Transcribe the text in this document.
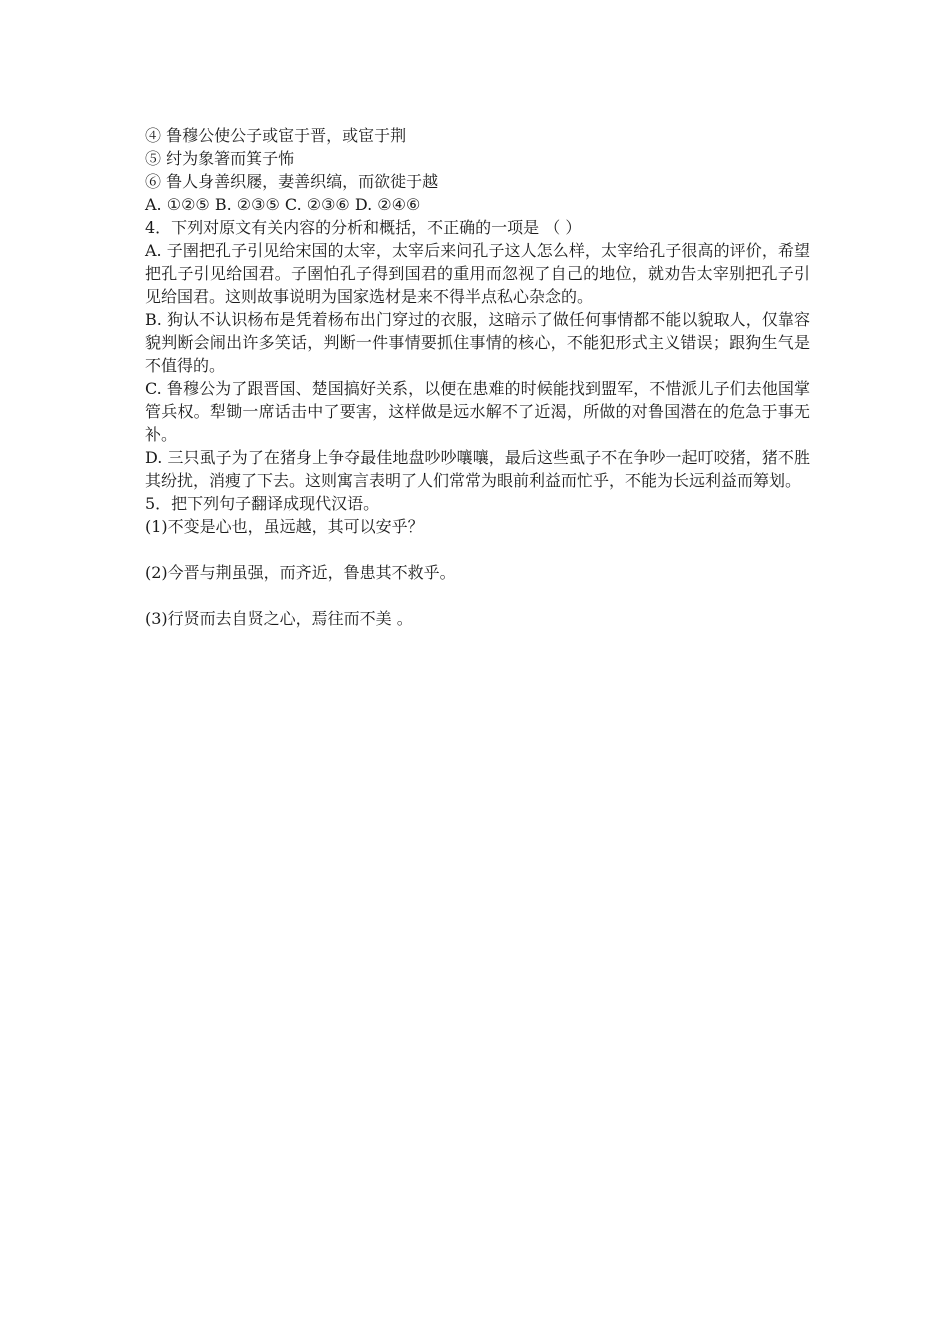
④ 鲁穆公使公子或宦于晋，或宦于荆

⑤ 纣为象箸而箕子怖

⑥ 鲁人身善织屦，妻善织缟，而欲徙于越

A. ①②⑤ B. ②③⑤ C. ②③⑥ D. ②④⑥

4．下列对原文有关内容的分析和概括，不正确的一项是 （ ）

A. 子圉把孔子引见给宋国的太宰，太宰后来问孔子这人怎么样，太宰给孔子很高的评价，希望把孔子引见给国君。子圉怕孔子得到国君的重用而忽视了自己的地位，就劝告太宰别把孔子引见给国君。这则故事说明为国家选材是来不得半点私心杂念的。

B. 狗认不认识杨布是凭着杨布出门穿过的衣服，这暗示了做任何事情都不能以貌取人，仅靠容貌判断会闹出许多笑话，判断一件事情要抓住事情的核心，不能犯形式主义错误；跟狗生气是不值得的。

C. 鲁穆公为了跟晋国、楚国搞好关系，以便在患难的时候能找到盟军，不惜派儿子们去他国掌管兵权。犁锄一席话击中了要害，这样做是远水解不了近渴，所做的对鲁国潜在的危急于事无补。

D. 三只虱子为了在猪身上争夺最佳地盘吵吵嚷嚷，最后这些虱子不在争吵一起叮咬猪，猪不胜其纷扰，消瘦了下去。这则寓言表明了人们常常为眼前利益而忙乎，不能为长远利益而筹划。

5．把下列句子翻译成现代汉语。

(1)不变是心也，虽远越，其可以安乎？

(2)今晋与荆虽强，而齐近，鲁患其不救乎。

(3)行贤而去自贤之心，焉往而不美 。
